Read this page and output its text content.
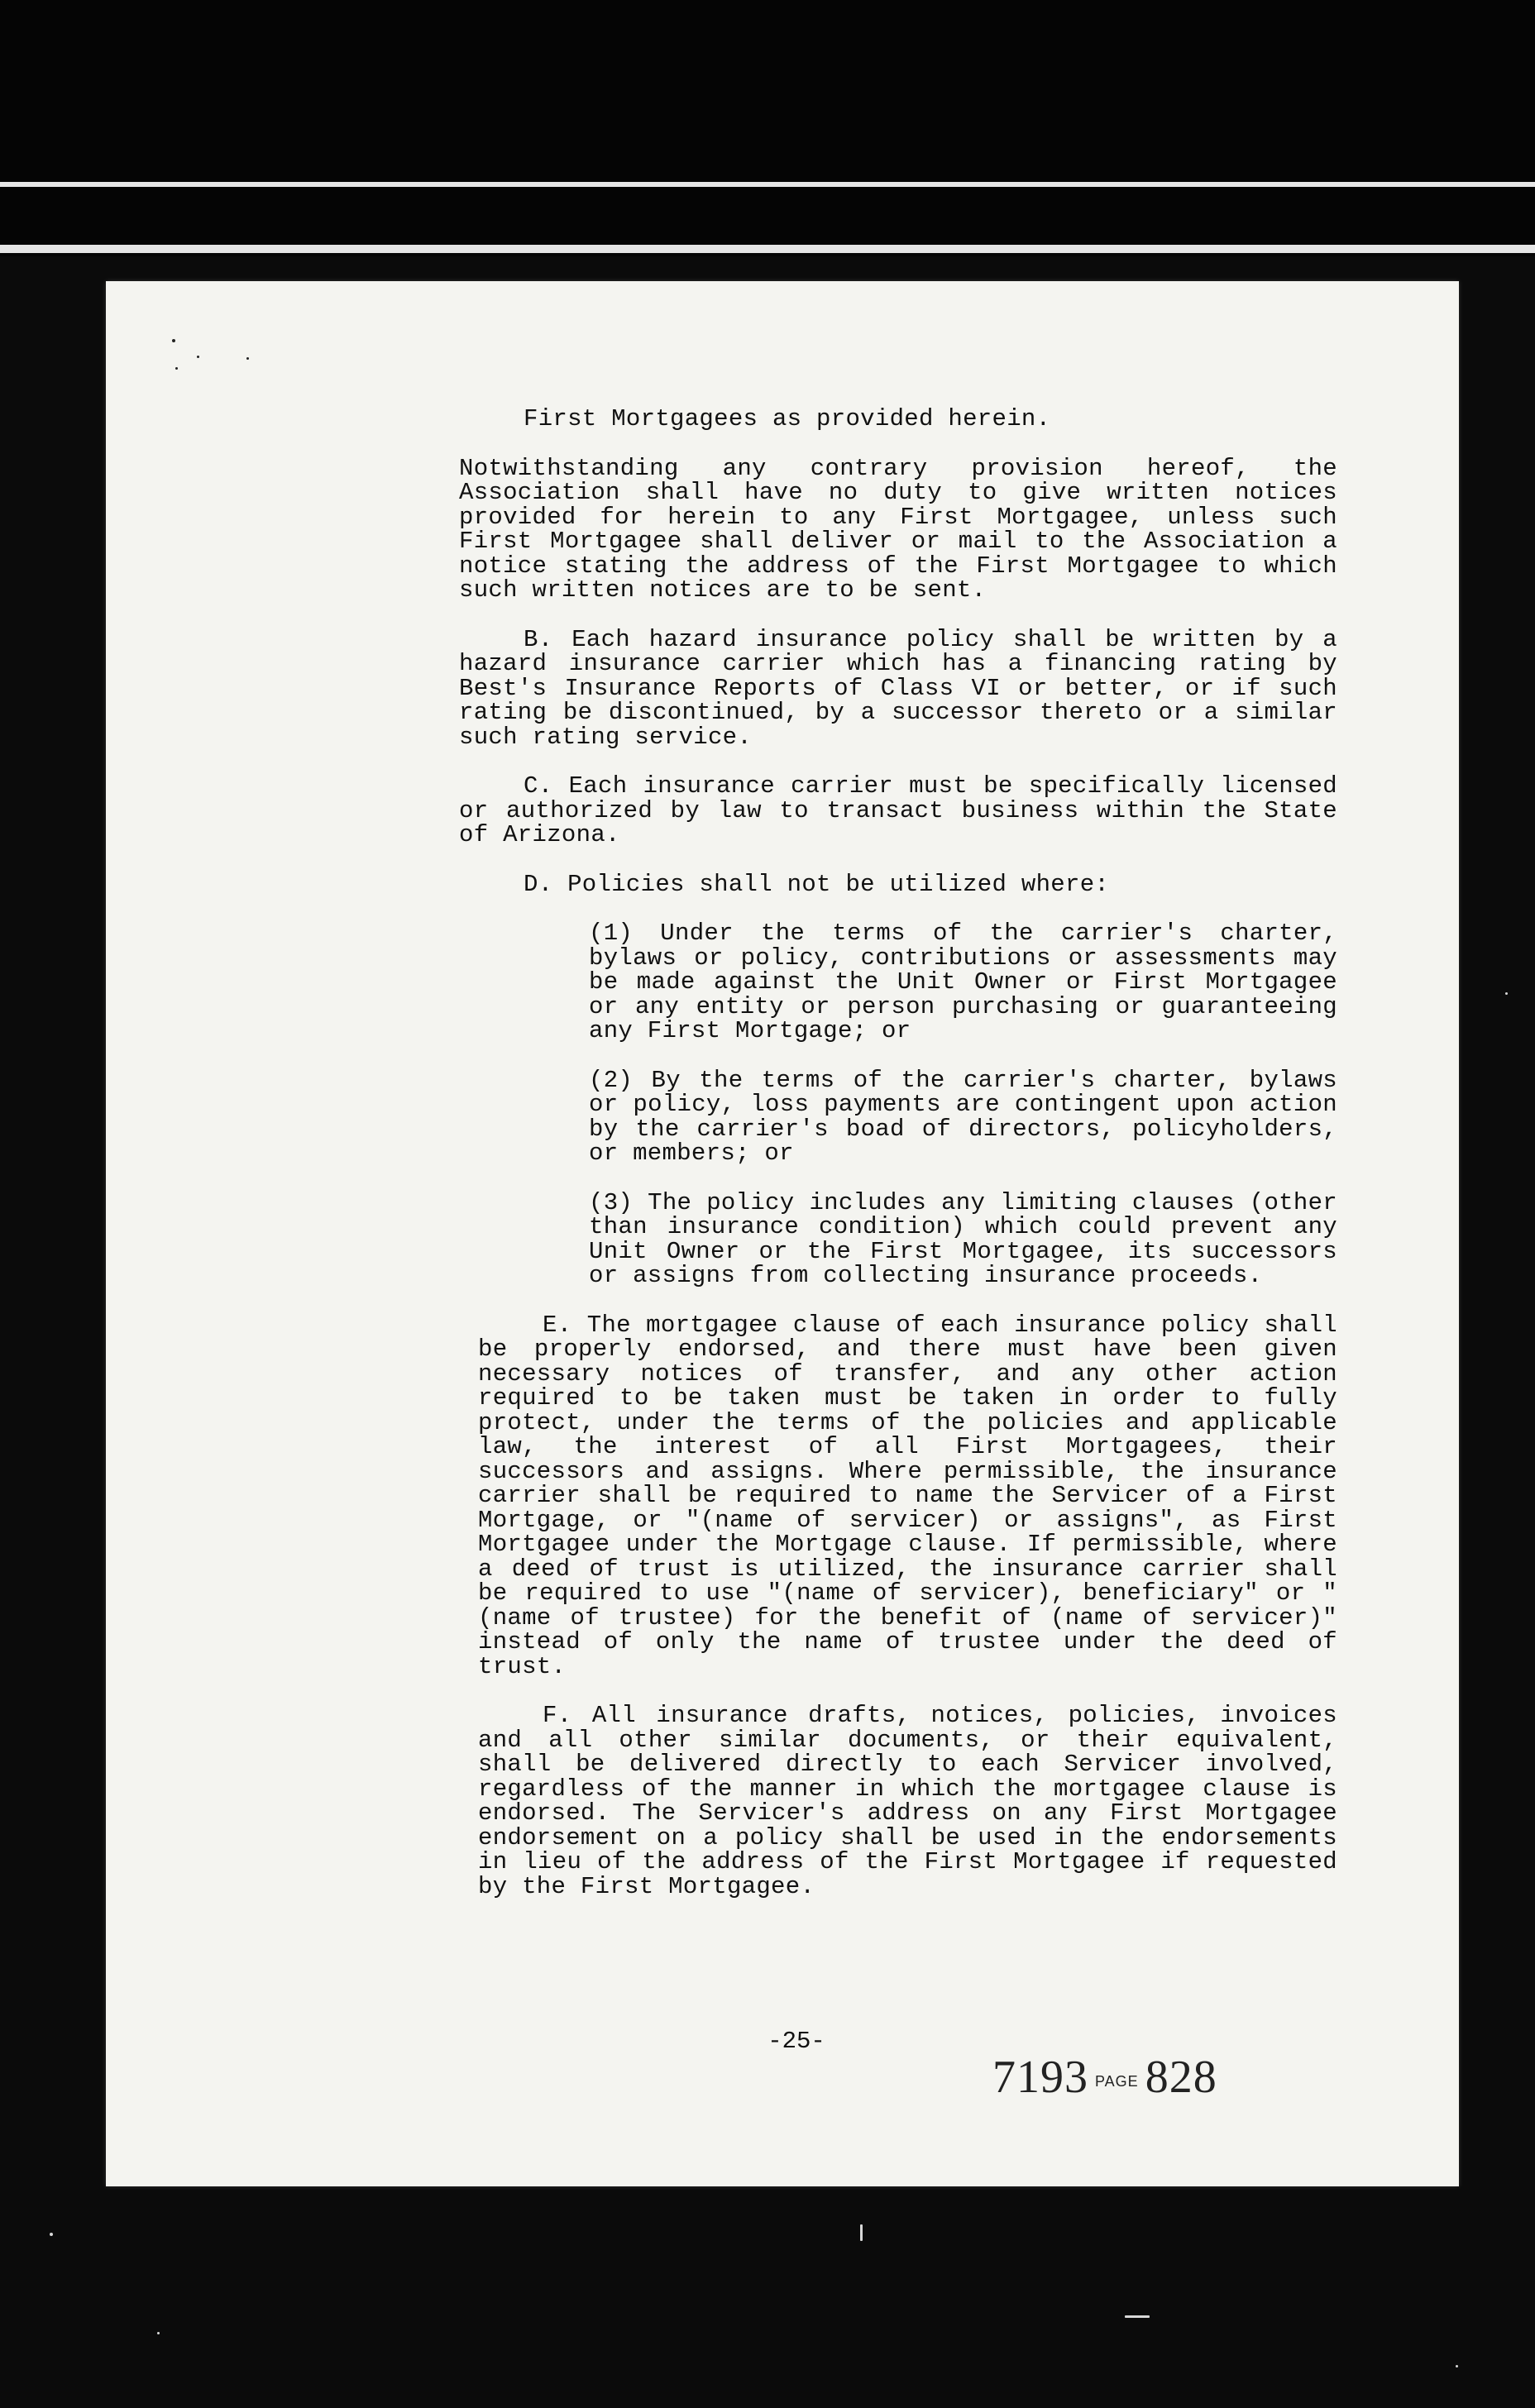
First Mortgagees as provided herein.

Notwithstanding any contrary provision hereof, the Association shall have no duty to give written notices provided for herein to any First Mortgagee, unless such First Mortgagee shall deliver or mail to the Association a notice stating the address of the First Mortgagee to which such written notices are to be sent.

B. Each hazard insurance policy shall be written by a hazard insurance carrier which has a financing rating by Best's Insurance Reports of Class VI or better, or if such rating be discontinued, by a successor thereto or a similar such rating service.

C. Each insurance carrier must be specifically licensed or authorized by law to transact business within the State of Arizona.

D. Policies shall not be utilized where:

(1) Under the terms of the carrier's charter, bylaws or policy, contributions or assessments may be made against the Unit Owner or First Mortgagee or any entity or person purchasing or guaranteeing any First Mortgage; or

(2) By the terms of the carrier's charter, bylaws or policy, loss payments are contingent upon action by the carrier's boad of directors, policyholders, or members; or

(3) The policy includes any limiting clauses (other than insurance condition) which could prevent any Unit Owner or the First Mortgagee, its successors or assigns from collecting insurance proceeds.

E. The mortgagee clause of each insurance policy shall be properly endorsed, and there must have been given necessary notices of transfer, and any other action required to be taken must be taken in order to fully protect, under the terms of the policies and applicable law, the interest of all First Mortgagees, their successors and assigns. Where permissible, the insurance carrier shall be required to name the Servicer of a First Mortgage, or "(name of servicer) or assigns", as First Mortgagee under the Mortgage clause. If permissible, where a deed of trust is utilized, the insurance carrier shall be required to use "(name of servicer), beneficiary" or "(name of trustee) for the benefit of (name of servicer)" instead of only the name of trustee under the deed of trust.

F. All insurance drafts, notices, policies, invoices and all other similar documents, or their equivalent, shall be delivered directly to each Servicer involved, regardless of the manner in which the mortgagee clause is endorsed. The Servicer's address on any First Mortgagee endorsement on a policy shall be used in the endorsements in lieu of the address of the First Mortgagee if requested by the First Mortgagee.

-25-
7193 PAGE 828
